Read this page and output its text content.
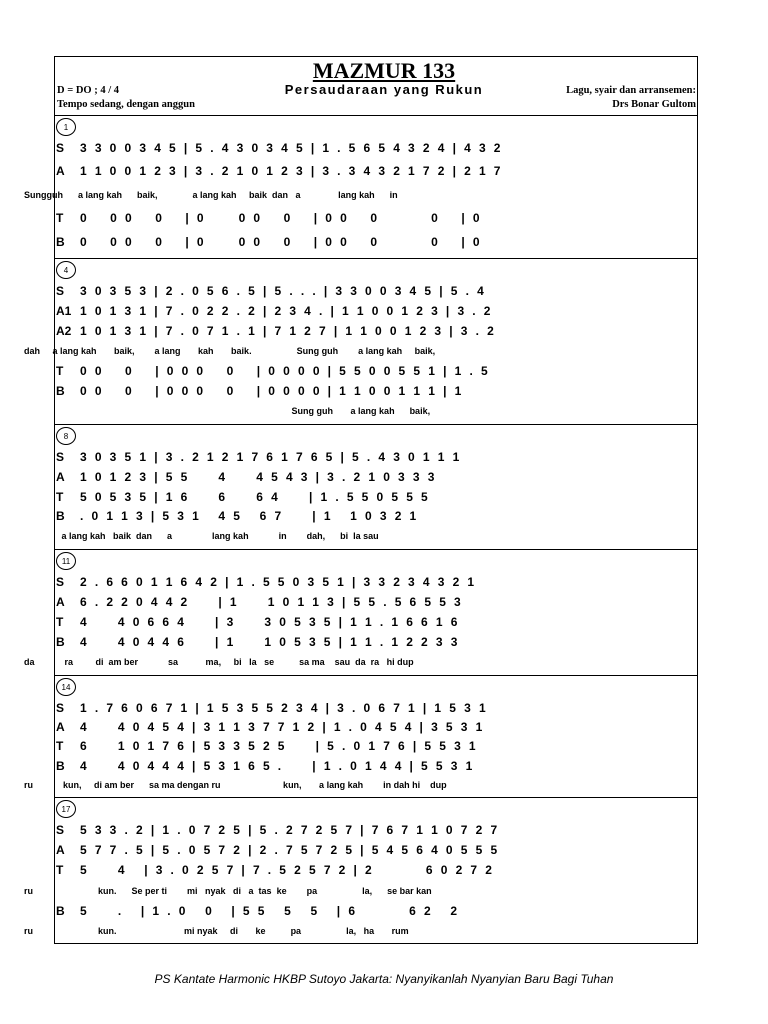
MAZMUR 133
Persaudaraan yang Rukun
D = DO ; 4 / 4
Tempo sedang, dengan anggun
Lagu, syair dan arransemen:
Drs Bonar Gultom
1
S 3  3  0  0  3  4  5  |  5  .  4  3  0  3  4  5  |  1  .  5  6  5  4  3  2  4  |  4  3  2
A 1  1  0  0  1  2  3  |  3  .  2  1  0  1  2  3  |  3  .  3  4  3  2  1  7  2  |  2  1  7
Sungguh      a lang kah      baik,              a lang kah     baik  dan   a               lang kah      in
T 0      0  0      0      |  0         0  0      0      |  0  0      0              0      |  0
B 0      0  0      0      |  0         0  0      0      |  0  0      0              0      |  0
4
S 3  0  3  5  3  |  2  .  0  5  6  .  5  |  5  .  .  .  |  3  3  0  0  3  4  5  |  5  .  4
A1 1  0  1  3  1  |  7  .  0  2  2  .  2  |  2  3  4  .  |  1  1  0  0  1  2  3  |  3  .  2
A2 1  0  1  3  1  |  7  .  0  7  1  .  1  |  7  1  2  7  |  1  1  0  0  1  2  3  |  3  .  2
dah     a lang kah       baik,        a lang       kah       baik.                  Sung guh        a lang kah     baik,
T 0  0      0      |  0  0  0      0      |  0  0  0  0  |  5  5  0  0  5  5  1  |  1  .  5
B 0  0      0      |  0  0  0      0      |  0  0  0  0  |  1  1  0  0  1  1  1  |  1
Sung guh       a lang kah      baik,
8
S 3  0  3  5  1  |  3  .  2  1  2  1  7  6  1  7  6  5  |  5  .  4  3  0  1  1  1
A 1  0  1  2  3  |  5  5        4        4  5  4  3  |  3  .  2  1  0  3  3  3
T 5  0  5  3  5  |  1  6        6        6  4        |  1  .  5  5  0  5  5  5
B .  0  1  1  3  |  5  3  1     4  5     6  7        |  1     1  0  3  2  1
a lang kah   baik  dan      a                lang kah            in        dah,      bi  la sau
11
S 2  .  6  6  0  1  1  6  4  2  |  1  .  5  5  0  3  5  1  |  3  3  2  3  4  3  2  1
A 6  .  2  2  0  4  4  2        |  1        1  0  1  1  3  |  5  5  .  5  6  5  5  3
T 4        4  0  6  6  4        |  3        3  0  5  3  5  |  1  1  .  1  6  6  1  6
B 4        4  0  4  4  6        |  1        1  0  5  3  5  |  1  1  .  1  2  2  3  3
da            ra         di  am ber            sa           ma,     bi   la   se          sa ma    sau  da  ra   hi dup
14
S 1  .  7  6  0  6  7  1  |  1  5  3  5  5  2  3  4  |  3  .  0  6  7  1  |  1  5  3  1
A 4        4  0  4  5  4  |  3  1  1  3  7  7  1  2  |  1  .  0  4  5  4  |  3  5  3  1
T 6        1  0  1  7  6  |  5  3  3  5  2  5        |  5  .  0  1  7  6  |  5  5  3  1
B 4        4  0  4  4  4  |  5  3  1  6  5  .        |  1  .  0  1  4  4  |  5  5  3  1
ru            kun,     di am ber      sa ma dengan ru                         kun,       a lang kah        in dah hi    dup
17
S 5  3  3  .  2  |  1  .  0  7  2  5  |  5  .  2  7  2  5  7  |  7  6  7  1  1  0  7  2  7
A 5  7  7  .  5  |  5  .  0  5  7  2  |  2  .  7  5  7  2  5  |  5  4  5  6  4  0  5  5  5
T 5        4     |  3  .  0  2  5  7  |  7  .  5  2  5  7  2  |  2              6  0  2  7  2
ru                          kun.      Se per ti        mi   nyak   di   a  tas  ke        pa                  la,      se bar kan
B 5        .     |  1  .  0     0     |  5  5     5     5     |  6              6  2     2
ru                          kun.                           mi nyak     di       ke          pa                  la,   ha       rum
PS Kantate Harmonic HKBP Sutoyo Jakarta: Nyanyikanlah Nyanyian Baru Bagi Tuhan
